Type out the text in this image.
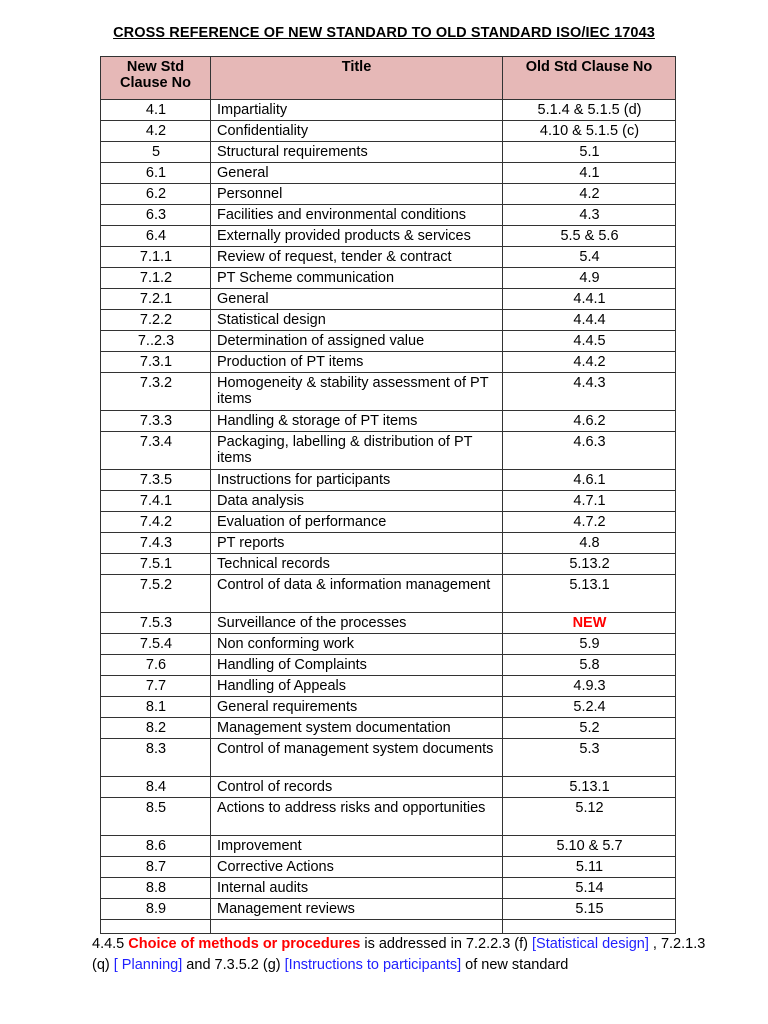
CROSS REFERENCE OF NEW STANDARD TO OLD STANDARD ISO/IEC 17043
New Std Clause No	Title	Old Std Clause No
4.1	Impartiality	5.1.4 & 5.1.5 (d)
4.2	Confidentiality	4.10 & 5.1.5 (c)
5	Structural requirements	5.1
6.1	General	4.1
6.2	Personnel	4.2
6.3	Facilities and environmental conditions	4.3
6.4	Externally provided products & services	5.5 & 5.6
7.1.1	Review of request, tender & contract	5.4
7.1.2	PT Scheme communication	4.9
7.2.1	General	4.4.1
7.2.2	Statistical design	4.4.4
7..2.3	Determination of assigned value	4.4.5
7.3.1	Production of PT items	4.4.2
7.3.2	Homogeneity & stability assessment of PT items	4.4.3
7.3.3	Handling & storage of PT items	4.6.2
7.3.4	Packaging, labelling & distribution of PT items	4.6.3
7.3.5	Instructions for participants	4.6.1
7.4.1	Data analysis	4.7.1
7.4.2	Evaluation of performance	4.7.2
7.4.3	PT reports	4.8
7.5.1	Technical records	5.13.2
7.5.2	Control of data & information management	5.13.1
7.5.3	Surveillance of the processes	NEW
7.5.4	Non conforming work	5.9
7.6	Handling of Complaints	5.8
7.7	Handling of Appeals	4.9.3
8.1	General requirements	5.2.4
8.2	Management system documentation	5.2
8.3	Control of management system documents	5.3
8.4	Control of records	5.13.1
8.5	Actions to address risks and opportunities	5.12
8.6	Improvement	5.10 & 5.7
8.7	Corrective Actions	5.11
8.8	Internal audits	5.14
8.9	Management reviews	5.15

4.4.5 Choice of methods or procedures is addressed in 7.2.2.3 (f) [Statistical design] , 7.2.1.3 (q) [ Planning] and 7.3.5.2 (g) [Instructions to participants] of new standard
